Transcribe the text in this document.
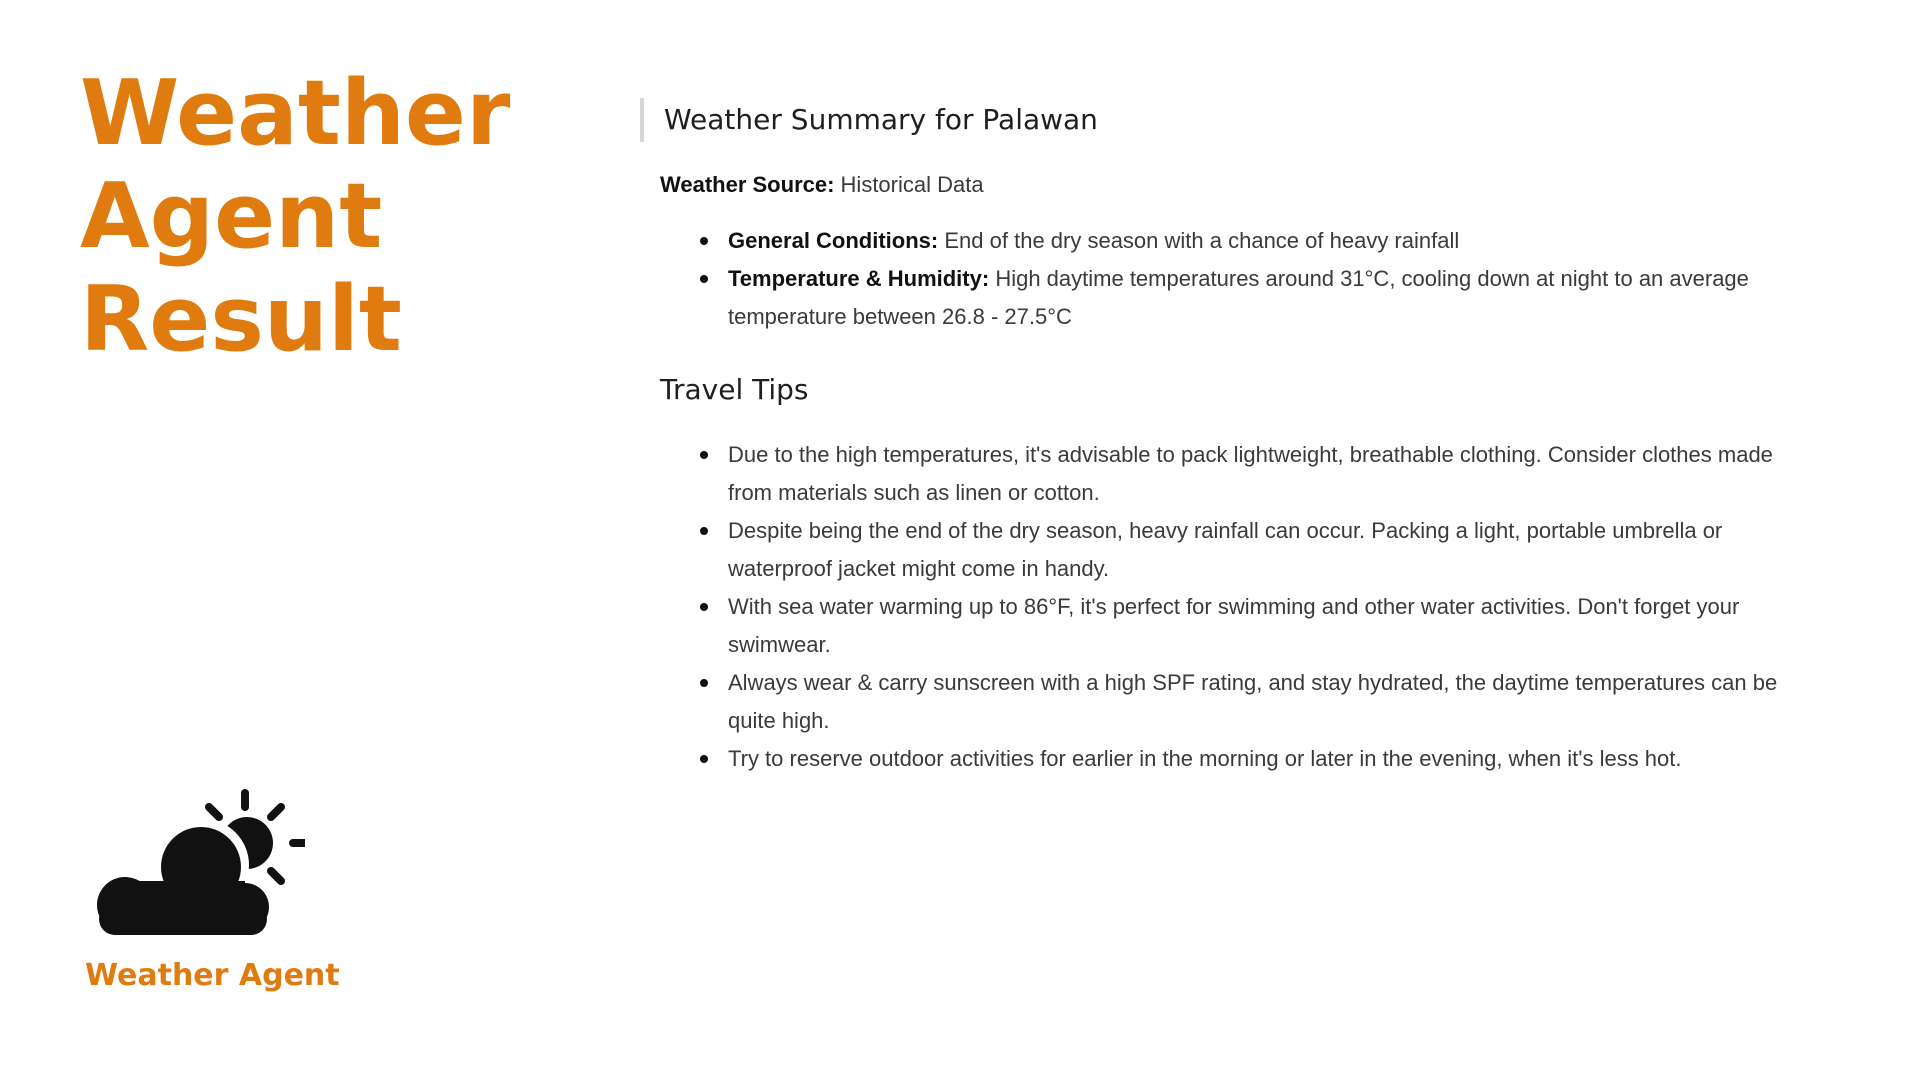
Weather
Agent
Result
Weather Agent
Weather Summary for Palawan

Weather Source: Historical Data

General Conditions: End of the dry season with a chance of heavy rainfall
Temperature & Humidity: High daytime temperatures around 31°C, cooling down at night to an average temperature between 26.8 - 27.5°C
Travel Tips
Due to the high temperatures, it's advisable to pack lightweight, breathable clothing. Consider clothes made from materials such as linen or cotton.
Despite being the end of the dry season, heavy rainfall can occur. Packing a light, portable umbrella or waterproof jacket might come in handy.
With sea water warming up to 86°F, it's perfect for swimming and other water activities. Don't forget your swimwear.
Always wear & carry sunscreen with a high SPF rating, and stay hydrated, the daytime temperatures can be quite high.
Try to reserve outdoor activities for earlier in the morning or later in the evening, when it's less hot.
